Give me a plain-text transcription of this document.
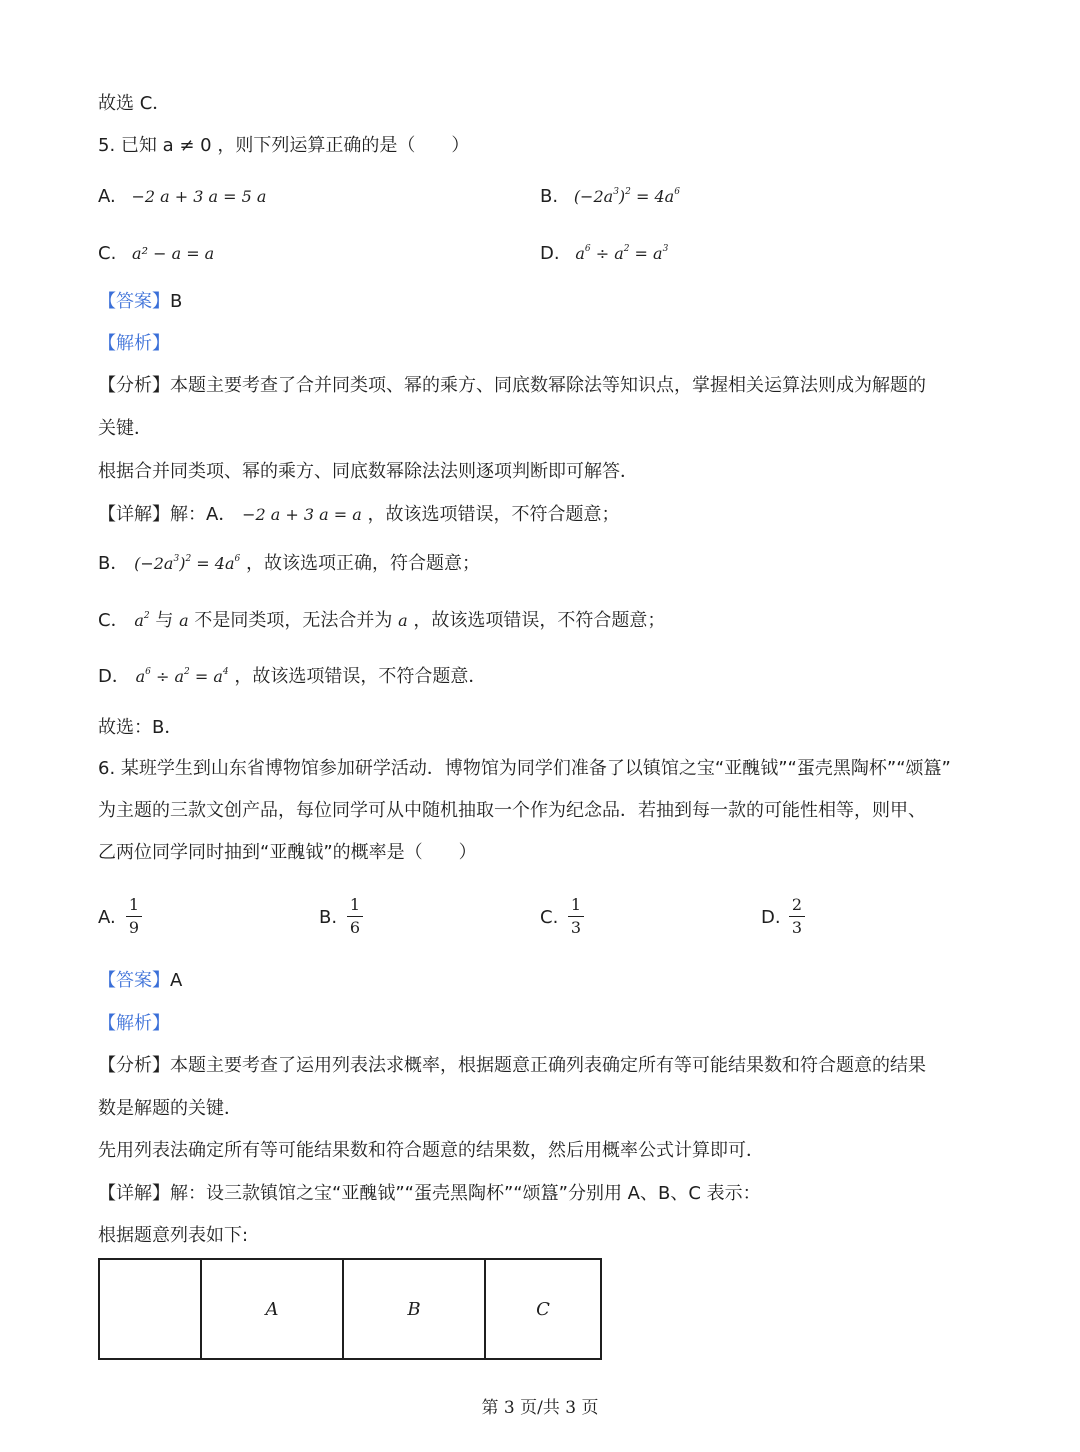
故选 C．
5. 已知 a ≠ 0 ，则下列运算正确的是（　　）
A. −2 a + 3 a = 5 a	B. $(-2a^3)^2 = 4a^6$
C. a² − a = a	D. $a^6 \div a^2 = a^3$
【答案】B
【解析】
【分析】本题主要考查了合并同类项、幂的乘方、同底数幂除法等知识点，掌握相关运算法则成为解题的
关键．
根据合并同类项、幂的乘方、同底数幂除法法则逐项判断即可解答．
【详解】解：A． −2 a + 3 a = a ，故该选项错误，不符合题意；
B． $(-2a^3)^2 = 4a^6$ ，故该选项正确，符合题意；
C． $a^2$ 与 a 不是同类项，无法合并为 a ，故该选项错误，不符合题意；
D． $a^6 \div a^2 = a^4$ ，故该选项错误，不符合题意．
故选：B．
6. 某班学生到山东省博物馆参加研学活动．博物馆为同学们准备了以镇馆之宝“亚醜钺”“蛋壳黑陶杯”“颂簋”
为主题的三款文创产品，每位同学可从中随机抽取一个作为纪念品．若抽到每一款的可能性相等，则甲、
乙两位同学同时抽到“亚醜钺”的概率是（　　）
A.
1
9	B.
1
6	C.
1
3	D.
2
3
【答案】A
【解析】
【分析】本题主要考查了运用列表法求概率，根据题意正确列表确定所有等可能结果数和符合题意的结果
数是解题的关键．
先用列表法确定所有等可能结果数和符合题意的结果数，然后用概率公式计算即可．
【详解】解：设三款镇馆之宝“亚醜钺”“蛋壳黑陶杯”“颂簋”分别用 A、B、C 表示：
根据题意列表如下:
	A	B	C
第 3 页/共 3 页
